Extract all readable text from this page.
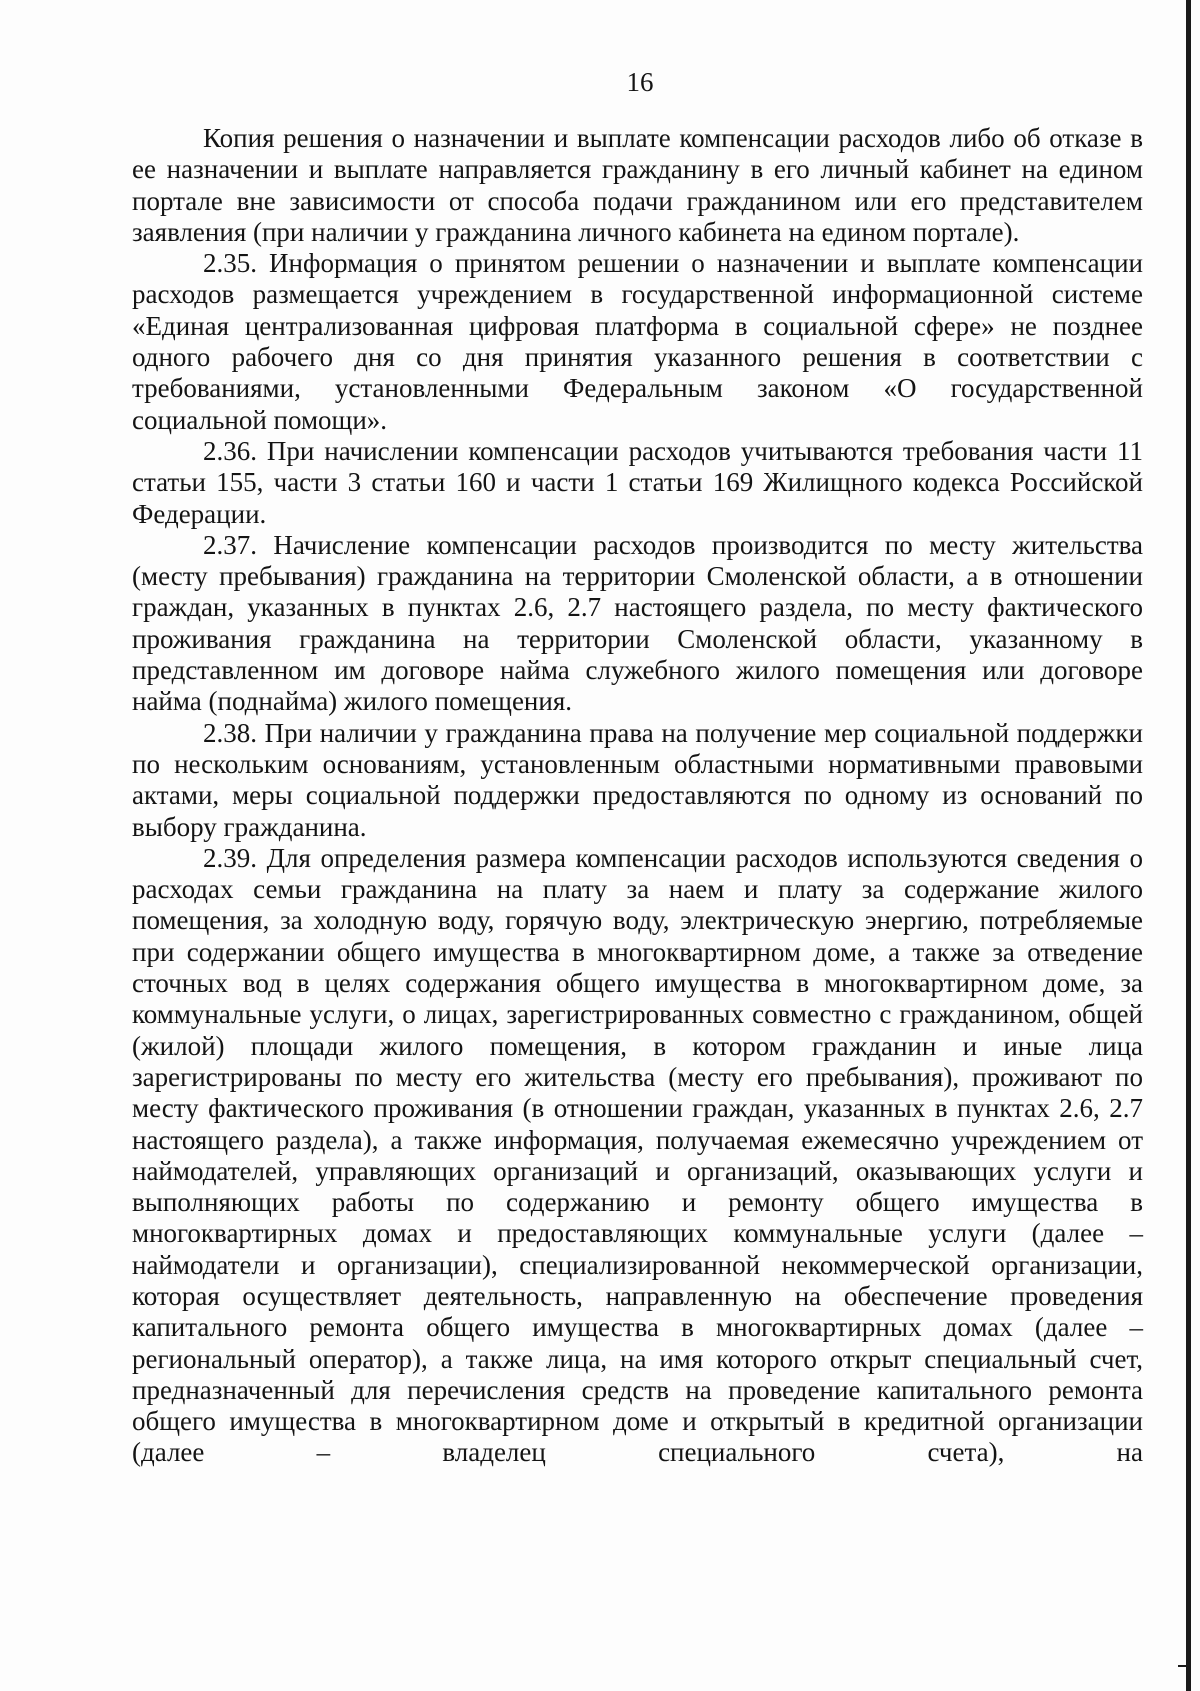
16

Копия решения о назначении и выплате компенсации расходов либо об отказе в ее назначении и выплате направляется гражданину в его личный кабинет на едином портале вне зависимости от способа подачи гражданином или его представителем заявления (при наличии у гражданина личного кабинета на едином портале).

2.35. Информация о принятом решении о назначении и выплате компенсации расходов размещается учреждением в государственной информационной системе «Единая централизованная цифровая платформа в социальной сфере» не позднее одного рабочего дня со дня принятия указанного решения в соответствии с требованиями, установленными Федеральным законом «О государственной социальной помощи».

2.36. При начислении компенсации расходов учитываются требования части 11 статьи 155, части 3 статьи 160 и части 1 статьи 169 Жилищного кодекса Российской Федерации.

2.37. Начисление компенсации расходов производится по месту жительства (месту пребывания) гражданина на территории Смоленской области, а в отношении граждан, указанных в пунктах 2.6, 2.7 настоящего раздела, по месту фактического проживания гражданина на территории Смоленской области, указанному в представленном им договоре найма служебного жилого помещения или договоре найма (поднайма) жилого помещения.

2.38. При наличии у гражданина права на получение мер социальной поддержки по нескольким основаниям, установленным областными нормативными правовыми актами, меры социальной поддержки предоставляются по одному из оснований по выбору гражданина.

2.39. Для определения размера компенсации расходов используются сведения о расходах семьи гражданина на плату за наем и плату за содержание жилого помещения, за холодную воду, горячую воду, электрическую энергию, потребляемые при содержании общего имущества в многоквартирном доме, а также за отведение сточных вод в целях содержания общего имущества в многоквартирном доме, за коммунальные услуги, о лицах, зарегистрированных совместно с гражданином, общей (жилой) площади жилого помещения, в котором гражданин и иные лица зарегистрированы по месту его жительства (месту его пребывания), проживают по месту фактического проживания (в отношении граждан, указанных в пунктах 2.6, 2.7 настоящего раздела), а также информация, получаемая ежемесячно учреждением от наймодателей, управляющих организаций и организаций, оказывающих услуги и выполняющих работы по содержанию и ремонту общего имущества в многоквартирных домах и предоставляющих коммунальные услуги (далее – наймодатели и организации), специализированной некоммерческой организации, которая осуществляет деятельность, направленную на обеспечение проведения капитального ремонта общего имущества в многоквартирных домах (далее – региональный оператор), а также лица, на имя которого открыт специальный счет, предназначенный для перечисления средств на проведение капитального ремонта общего имущества в многоквартирном доме и открытый в кредитной организации (далее – владелец специального счета), на
